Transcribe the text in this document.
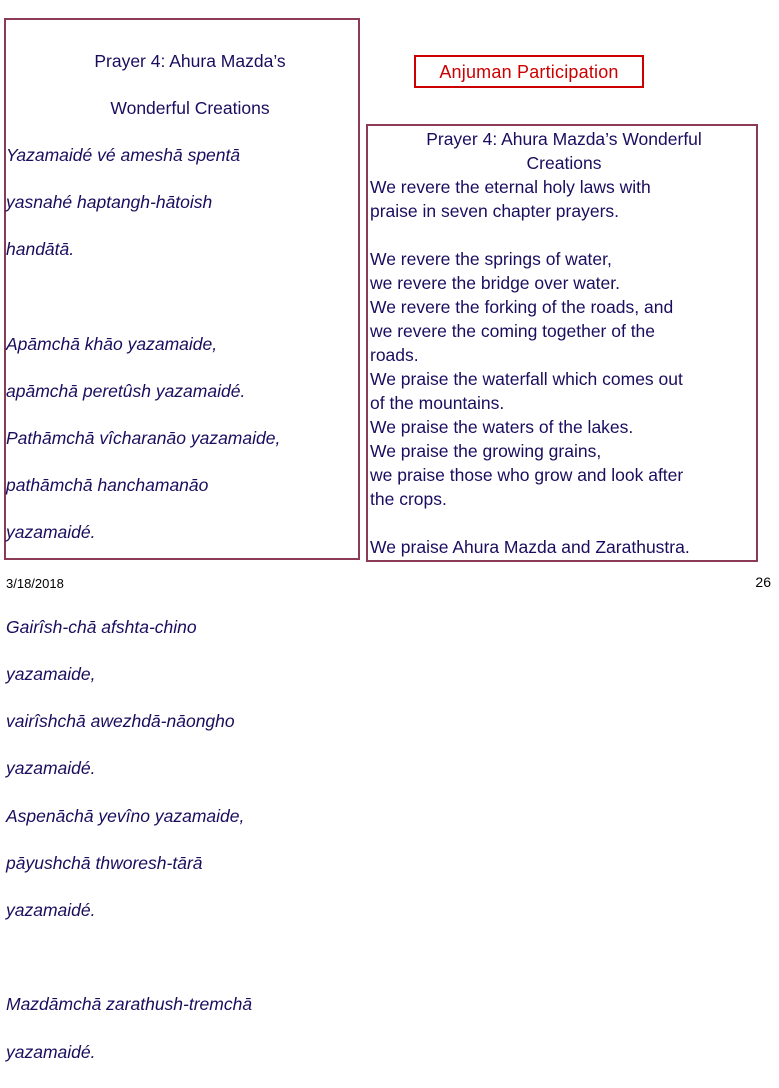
Prayer 4: Ahura Mazda’s

Wonderful Creations

Yazamaidé vé ameshā spentā

yasnahé haptangh-hātoish

handātā.

Apāmchā khāo yazamaide,

apāmchā peretûsh yazamaidé.

Pathāmchā vîcharanāo yazamaide,

pathāmchā hanchamanāo

yazamaidé.

Gairîsh-chā afshta-chino

yazamaide,

vairîshchā awezhdā-nāongho

yazamaidé.

Aspenāchā yevîno yazamaide,

pāyushchā thworesh-tārā

yazamaidé.

Mazdāmchā zarathush-tremchā

yazamaidé.

Anjuman Participation
Prayer 4: Ahura Mazda’s Wonderful
Creations
We revere the eternal holy laws with
praise in seven chapter prayers.
We revere the springs of water,
we revere the bridge over water.
We revere the forking of the roads, and
we revere the coming together of the
roads.
We praise the waterfall which comes out
of the mountains.
We praise the waters of the lakes.
We praise the growing grains,
we praise those who grow and look after
the crops.
We praise Ahura Mazda and Zarathustra.
3/18/2018	26
